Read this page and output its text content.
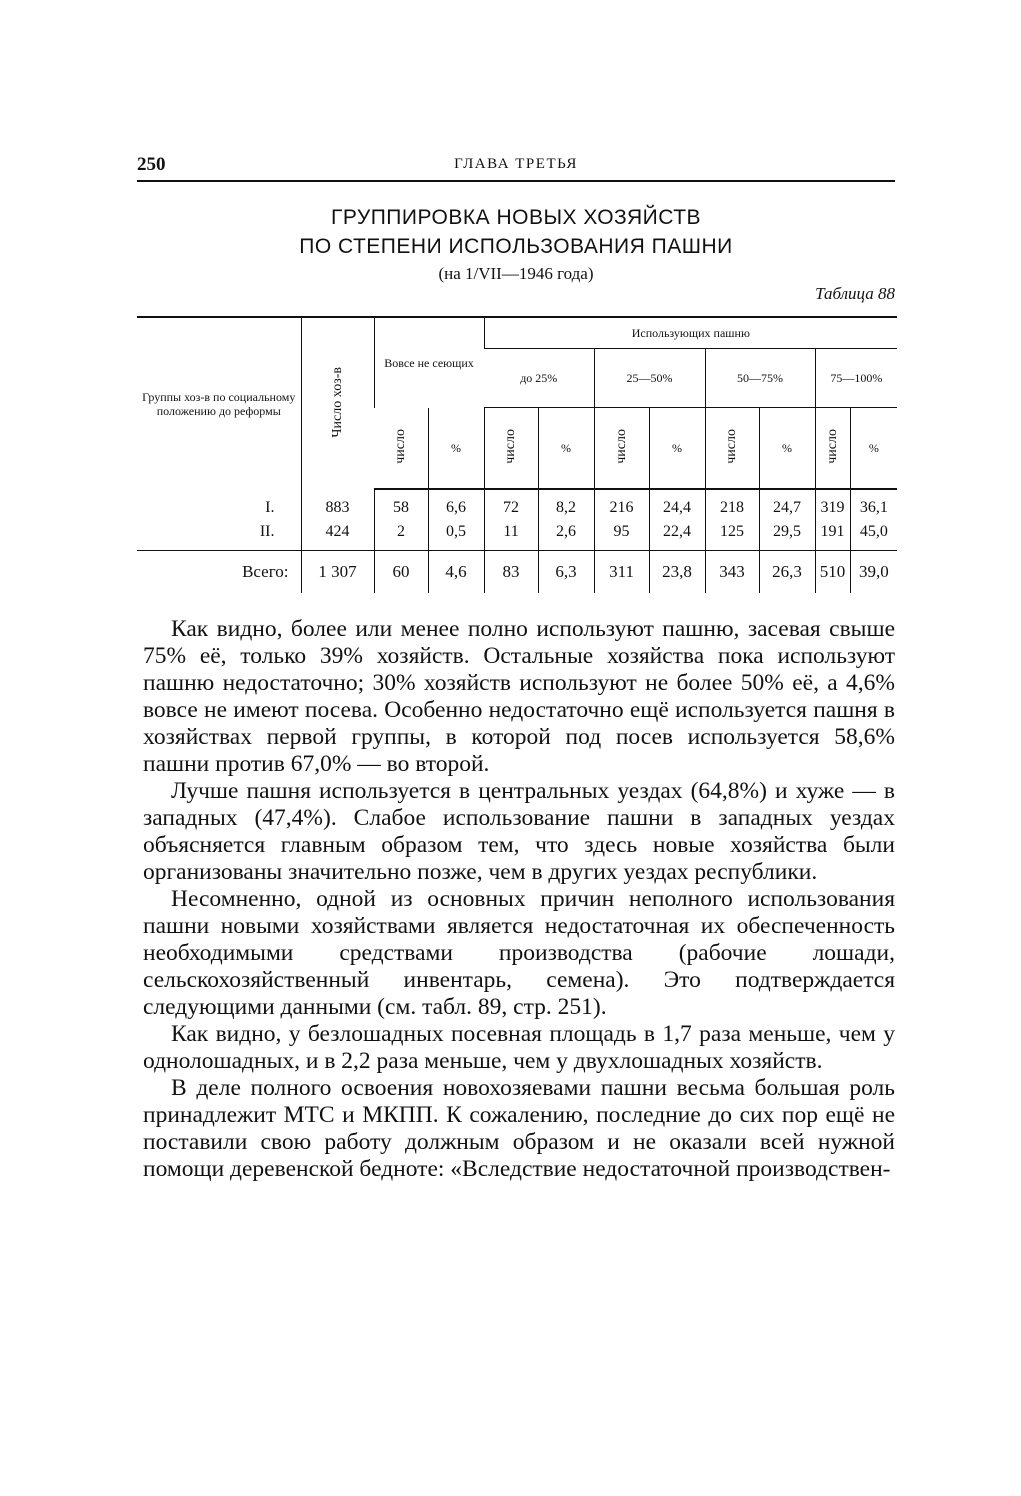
250	ГЛАВА ТРЕТЬЯ
ГРУППИРОВКА НОВЫХ ХОЗЯЙСТВ
ПО СТЕПЕНИ ИСПОЛЬЗОВАНИЯ ПАШНИ
(на 1/VII—1946 года)
Таблица 88
Группы хоз-в по социальному положению до реформы	Число хоз-в	Вовсе не сеющих		Использующих пашню							
				до 25%		25—50%		50—75%		75—100%	
		число	%	число	%	число	%	число	%	число	%
I.	883	58	6,6	72	8,2	216	24,4	218	24,7	319	36,1
II.	424	2	0,5	11	2,6	95	22,4	125	29,5	191	45,0
Всего:	1 307	60	4,6	83	6,3	311	23,8	343	26,3	510	39,0

Как видно, более или менее полно используют пашню, засевая свыше 75% её, только 39% хозяйств. Остальные хозяйства пока используют пашню недостаточно; 30% хозяйств используют не более 50% её, а 4,6% вовсе не имеют посева. Особенно недостаточно ещё используется пашня в хозяйствах первой группы, в которой под посев используется 58,6% пашни против 67,0% — во второй.

Лучше пашня используется в центральных уездах (64,8%) и хуже — в западных (47,4%). Слабое использование пашни в западных уездах объясняется главным образом тем, что здесь новые хозяйства были организованы значительно позже, чем в других уездах республики.

Несомненно, одной из основных причин неполного использования пашни новыми хозяйствами является недостаточная их обеспеченность необходимыми средствами производства (рабочие лошади, сельскохозяйственный инвентарь, семена). Это подтверждается следующими данными (см. табл. 89, стр. 251).

Как видно, у безлошадных посевная площадь в 1,7 раза меньше, чем у однолошадных, и в 2,2 раза меньше, чем у двухлошадных хозяйств.

В деле полного освоения новохозяевами пашни весьма большая роль принадлежит МТС и МКПП. К сожалению, последние до сих пор ещё не поставили свою работу должным образом и не оказали всей нужной помощи деревенской бедноте: «Вследствие недостаточной производствен-
